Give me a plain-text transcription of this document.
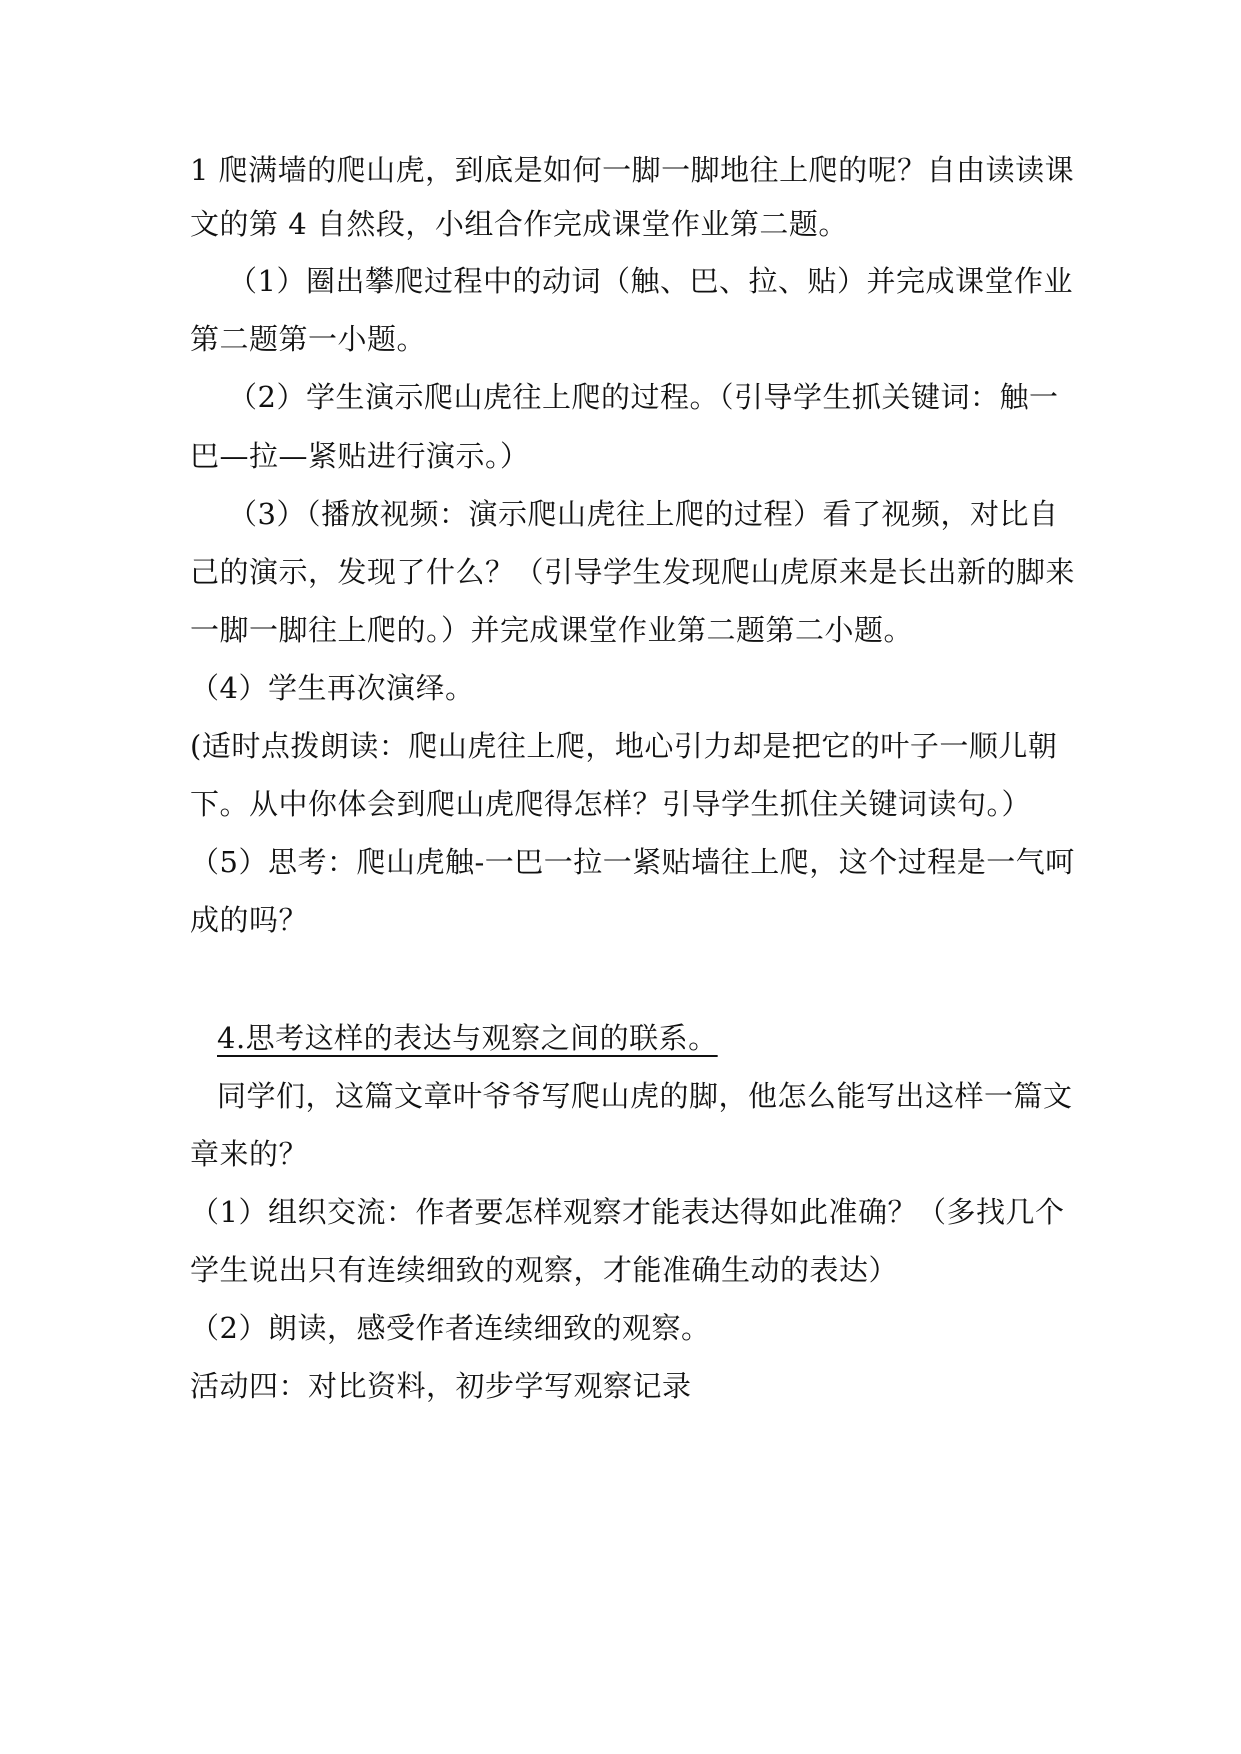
1 爬满墙的爬山虎，到底是如何一脚一脚地往上爬的呢？自由读读课
文的第 4 自然段，小组合作完成课堂作业第二题。
（1）圈出攀爬过程中的动词（触、巴、拉、贴）并完成课堂作业
第二题第一小题。
（2）学生演示爬山虎往上爬的过程。（引导学生抓关键词：触一
巴—拉—紧贴进行演示。）
（3）（播放视频：演示爬山虎往上爬的过程）看了视频，对比自
己的演示，发现了什么？（引导学生发现爬山虎原来是长出新的脚来
一脚一脚往上爬的。）并完成课堂作业第二题第二小题。
（4）学生再次演绎。
(适时点拨朗读：爬山虎往上爬，地心引力却是把它的叶子一顺儿朝
下。从中你体会到爬山虎爬得怎样？引导学生抓住关键词读句。）
（5）思考：爬山虎触-一巴一拉一紧贴墙往上爬，这个过程是一气呵
成的吗？
4.思考这样的表达与观察之间的联系。
同学们，这篇文章叶爷爷写爬山虎的脚，他怎么能写出这样一篇文
章来的？
（1）组织交流：作者要怎样观察才能表达得如此准确？（多找几个
学生说出只有连续细致的观察，才能准确生动的表达）
（2）朗读，感受作者连续细致的观察。
活动四：对比资料，初步学写观察记录
